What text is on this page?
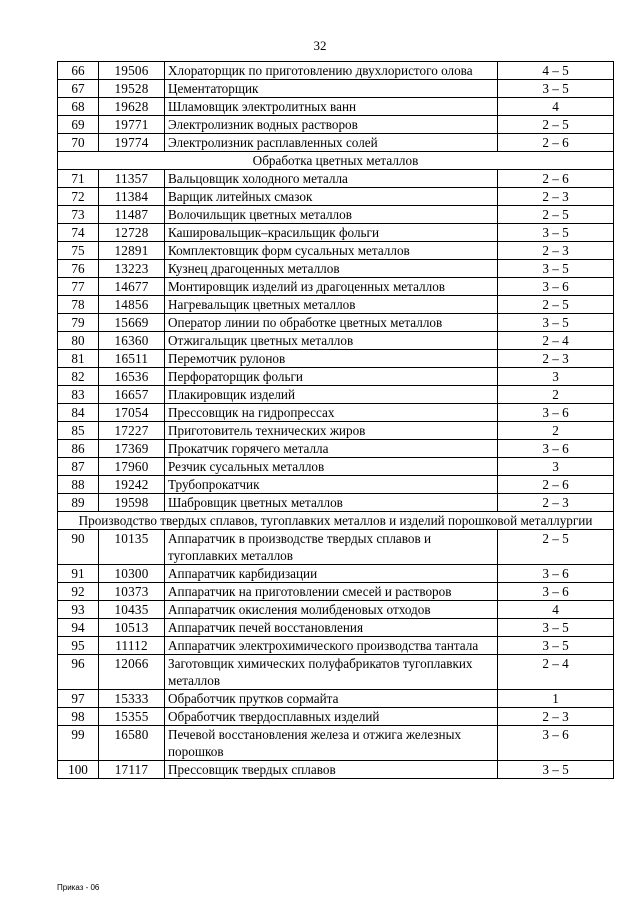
32
66	19506	Хлораторщик по приготовлению двухлористого олова	4 – 5
67	19528	Цементаторщик	3 – 5
68	19628	Шламовщик электролитных ванн	4
69	19771	Электролизник водных растворов	2 – 5
70	19774	Электролизник расплавленных солей	2 – 6
Обработка цветных металлов			
71	11357	Вальцовщик холодного металла	2 – 6
72	11384	Варщик литейных смазок	2 – 3
73	11487	Волочильщик цветных металлов	2 – 5
74	12728	Кашировальщик–красильщик фольги	3 – 5
75	12891	Комплектовщик форм сусальных металлов	2 – 3
76	13223	Кузнец драгоценных металлов	3 – 5
77	14677	Монтировщик изделий из драгоценных металлов	3 – 6
78	14856	Нагревальщик цветных металлов	2 – 5
79	15669	Оператор линии по обработке цветных металлов	3 – 5
80	16360	Отжигальщик цветных металлов	2 – 4
81	16511	Перемотчик рулонов	2 – 3
82	16536	Перфораторщик фольги	3
83	16657	Плакировщик изделий	2
84	17054	Прессовщик на гидропрессах	3 – 6
85	17227	Приготовитель технических жиров	2
86	17369	Прокатчик горячего металла	3 – 6
87	17960	Резчик сусальных металлов	3
88	19242	Трубопрокатчик	2 – 6
89	19598	Шабровщик цветных металлов	2 – 3
Производство твердых сплавов, тугоплавких металлов и изделий порошковой металлургии			
90	10135	Аппаратчик в производстве твердых сплавов и тугоплавких металлов	2 – 5
91	10300	Аппаратчик карбидизации	3 – 6
92	10373	Аппаратчик на приготовлении смесей и растворов	3 – 6
93	10435	Аппаратчик окисления молибденовых отходов	4
94	10513	Аппаратчик печей восстановления	3 – 5
95	11112	Аппаратчик электрохимического производства тантала	3 – 5
96	12066	Заготовщик химических полуфабрикатов тугоплавких металлов	2 – 4
97	15333	Обработчик прутков сормайта	1
98	15355	Обработчик твердосплавных изделий	2 – 3
99	16580	Печевой восстановления железа и отжига железных порошков	3 – 6
100	17117	Прессовщик твердых сплавов	3 – 5
Приказ - 06
